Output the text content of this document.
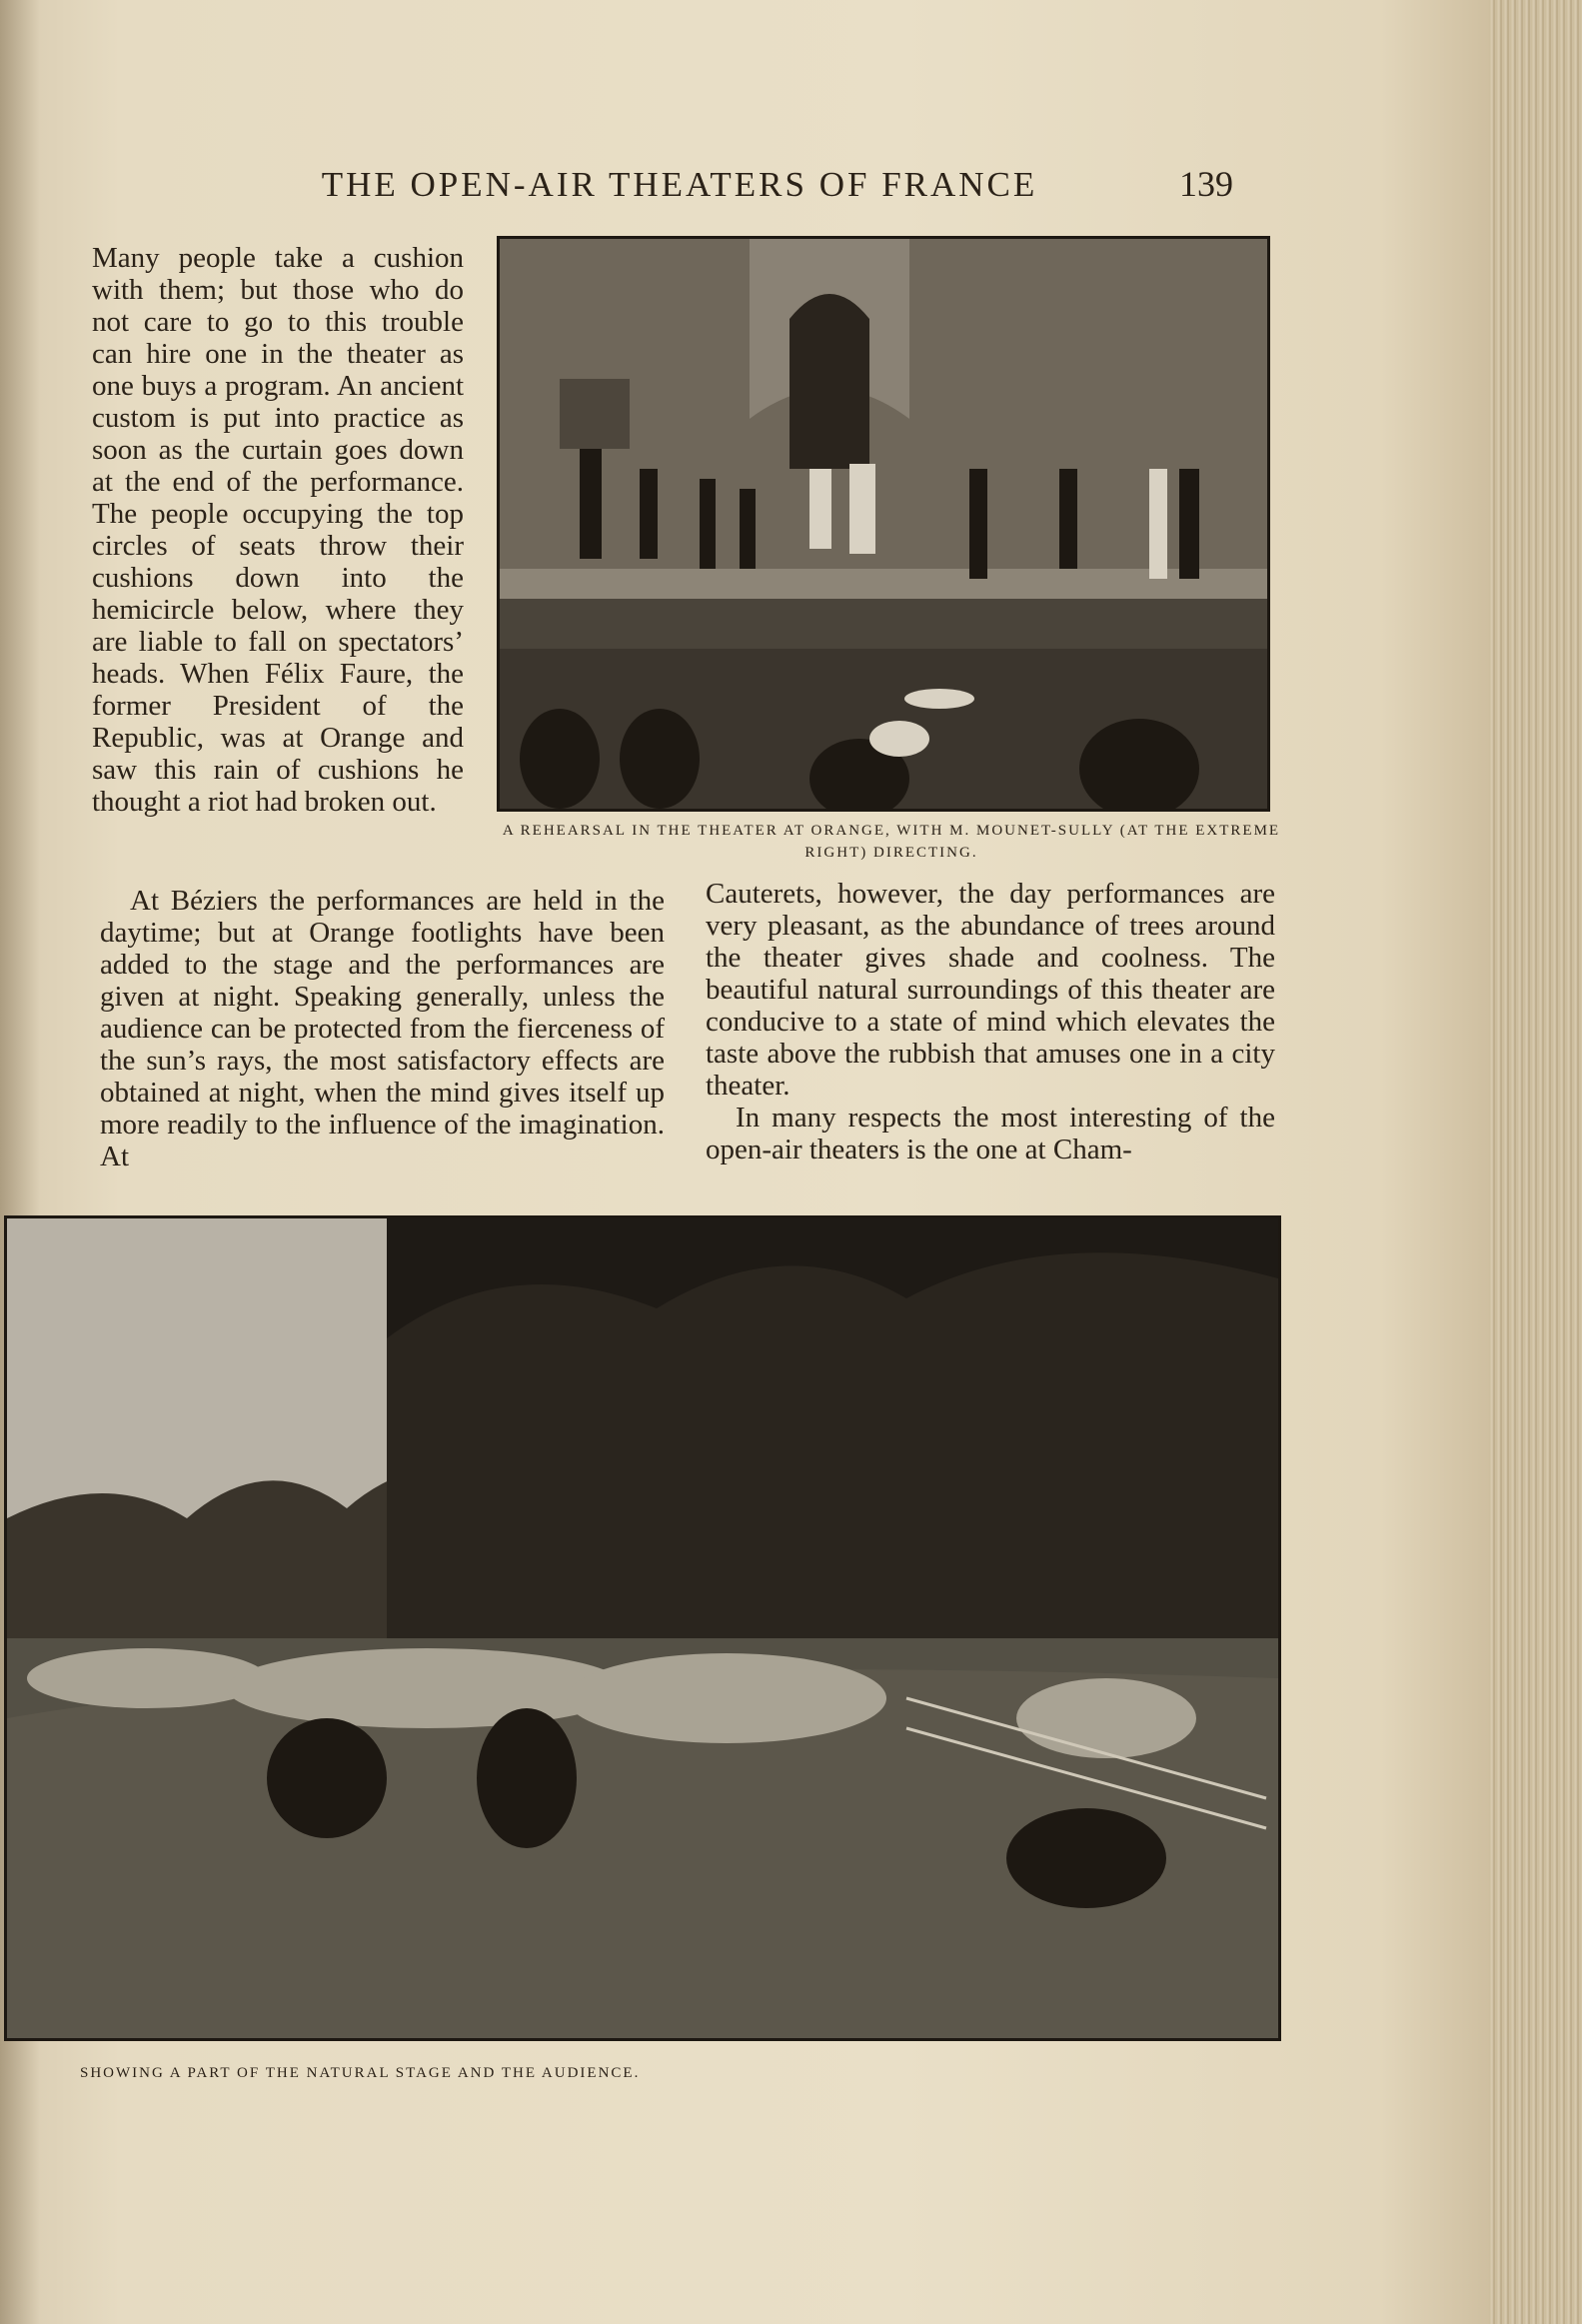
THE OPEN-AIR THEATERS OF FRANCE	139

Many people take a cushion with them; but those who do not care to go to this trouble can hire one in the theater as one buys a program. An ancient custom is put into practice as soon as the curtain goes down at the end of the performance. The people occupying the top circles of seats throw their cushions down into the hemicircle below, where they are liable to fall on spectators’ heads. When Félix Faure, the former President of the Republic, was at Orange and saw this rain of cushions he thought a riot had broken out.

A REHEARSAL IN THE THEATER AT ORANGE, WITH M. MOUNET-SULLY (AT THE EXTREME RIGHT) DIRECTING.

At Béziers the performances are held in the daytime; but at Orange footlights have been added to the stage and the performances are given at night. Speaking generally, unless the audience can be protected from the fierceness of the sun’s rays, the most satisfactory effects are obtained at night, when the mind gives itself up more readily to the influence of the imagination. At

Cauterets, however, the day performances are very pleasant, as the abundance of trees around the theater gives shade and coolness. The beautiful natural surroundings of this theater are conducive to a state of mind which elevates the taste above the rubbish that amuses one in a city theater.

In many respects the most interesting of the open-air theaters is the one at Cham-

SHOWING A PART OF THE NATURAL STAGE AND THE AUDIENCE.
